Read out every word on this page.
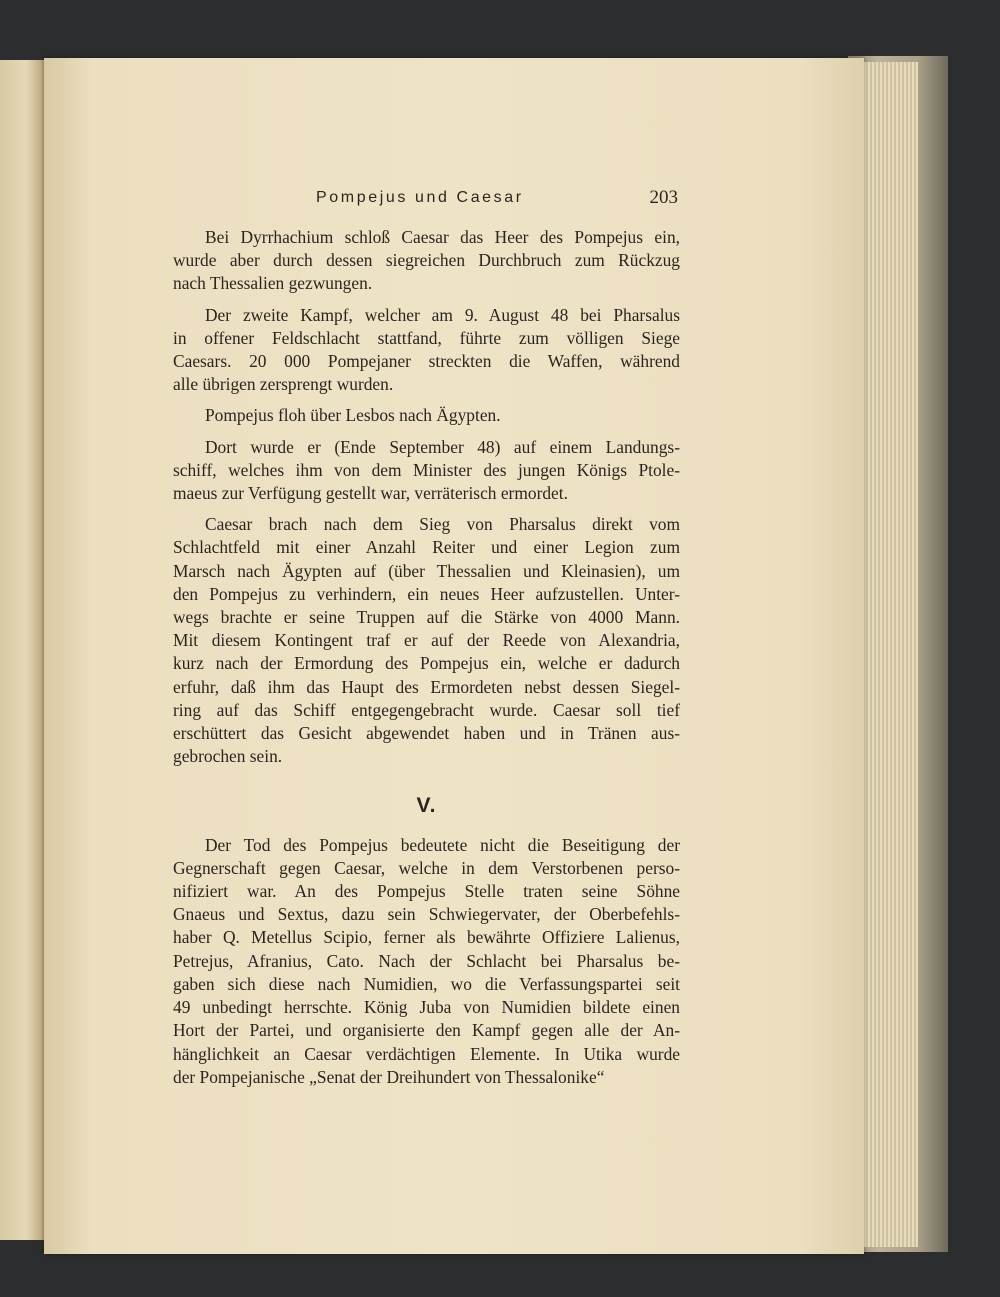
Pompejus und Caesar	203
Bei Dyrrhachium schloß Caesar das Heer des Pompejus ein,
wurde aber durch dessen siegreichen Durchbruch zum Rückzug
nach Thessalien gezwungen.
Der zweite Kampf, welcher am 9. August 48 bei Pharsalus
in offener Feldschlacht stattfand, führte zum völligen Siege
Caesars. 20 000 Pompejaner streckten die Waffen, während
alle übrigen zersprengt wurden.
Pompejus floh über Lesbos nach Ägypten.
Dort wurde er (Ende September 48) auf einem Landungs-
schiff, welches ihm von dem Minister des jungen Königs Ptole-
maeus zur Verfügung gestellt war, verräterisch ermordet.
Caesar brach nach dem Sieg von Pharsalus direkt vom
Schlachtfeld mit einer Anzahl Reiter und einer Legion zum
Marsch nach Ägypten auf (über Thessalien und Kleinasien), um
den Pompejus zu verhindern, ein neues Heer aufzustellen. Unter-
wegs brachte er seine Truppen auf die Stärke von 4000 Mann.
Mit diesem Kontingent traf er auf der Reede von Alexandria,
kurz nach der Ermordung des Pompejus ein, welche er dadurch
erfuhr, daß ihm das Haupt des Ermordeten nebst dessen Siegel-
ring auf das Schiff entgegengebracht wurde. Caesar soll tief
erschüttert das Gesicht abgewendet haben und in Tränen aus-
gebrochen sein.
V.
Der Tod des Pompejus bedeutete nicht die Beseitigung der
Gegnerschaft gegen Caesar, welche in dem Verstorbenen perso-
nifiziert war. An des Pompejus Stelle traten seine Söhne
Gnaeus und Sextus, dazu sein Schwiegervater, der Oberbefehls-
haber Q. Metellus Scipio, ferner als bewährte Offiziere Lalienus,
Petrejus, Afranius, Cato. Nach der Schlacht bei Pharsalus be-
gaben sich diese nach Numidien, wo die Verfassungspartei seit
49 unbedingt herrschte. König Juba von Numidien bildete einen
Hort der Partei, und organisierte den Kampf gegen alle der An-
hänglichkeit an Caesar verdächtigen Elemente. In Utika wurde
der Pompejanische „Senat der Dreihundert von Thessalonike“
